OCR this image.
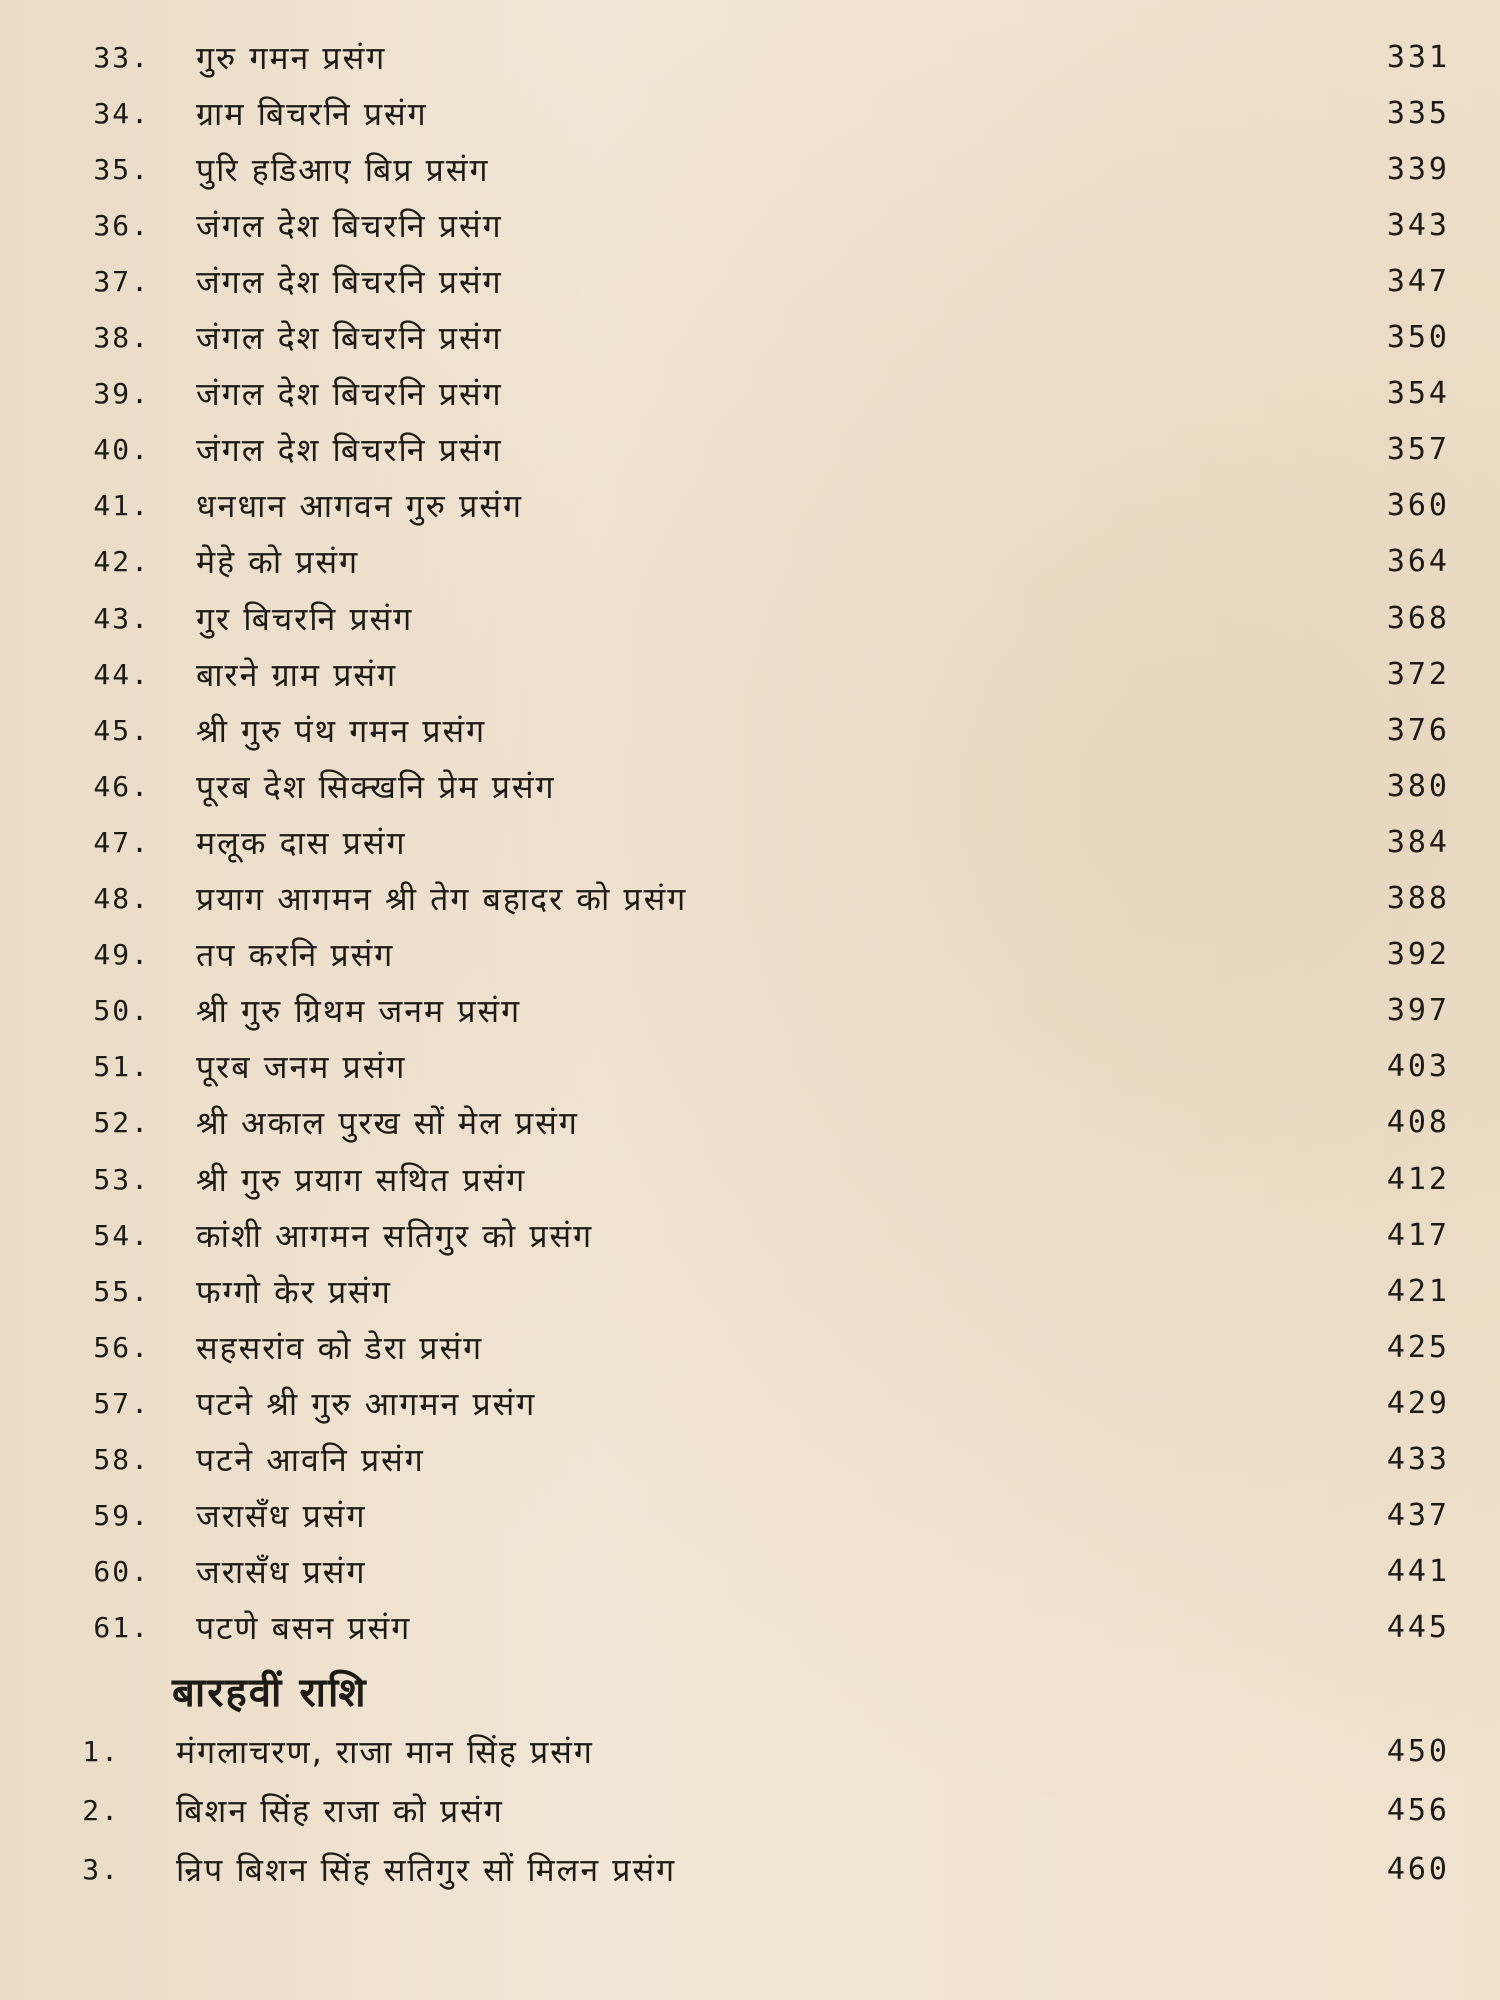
33.	गुरु गमन प्रसंग	331
34.	ग्राम बिचरनि प्रसंग	335
35.	पुरि हडिआए बिप्र प्रसंग	339
36.	जंगल देश बिचरनि प्रसंग	343
37.	जंगल देश बिचरनि प्रसंग	347
38.	जंगल देश बिचरनि प्रसंग	350
39.	जंगल देश बिचरनि प्रसंग	354
40.	जंगल देश बिचरनि प्रसंग	357
41.	धनधान आगवन गुरु प्रसंग	360
42.	मेहे को प्रसंग	364
43.	गुर बिचरनि प्रसंग	368
44.	बारने ग्राम प्रसंग	372
45.	श्री गुरु पंथ गमन प्रसंग	376
46.	पूरब देश सिक्खनि प्रेम प्रसंग	380
47.	मलूक दास प्रसंग	384
48.	प्रयाग आगमन श्री तेग बहादर को प्रसंग	388
49.	तप करनि प्रसंग	392
50.	श्री गुरु ग्रिथम जनम प्रसंग	397
51.	पूरब जनम प्रसंग	403
52.	श्री अकाल पुरख सों मेल प्रसंग	408
53.	श्री गुरु प्रयाग सथित प्रसंग	412
54.	कांशी आगमन सतिगुर को प्रसंग	417
55.	फग्गो केर प्रसंग	421
56.	सहसरांव को डेरा प्रसंग	425
57.	पटने श्री गुरु आगमन प्रसंग	429
58.	पटने आवनि प्रसंग	433
59.	जरासँध प्रसंग	437
60.	जरासँध प्रसंग	441
61.	पटणे बसन प्रसंग	445
बारहवीं राशि
1.	मंगलाचरण, राजा मान सिंह प्रसंग	450
2.	बिशन सिंह राजा को प्रसंग	456
3.	न्रिप बिशन सिंह सतिगुर सों मिलन प्रसंग	460
